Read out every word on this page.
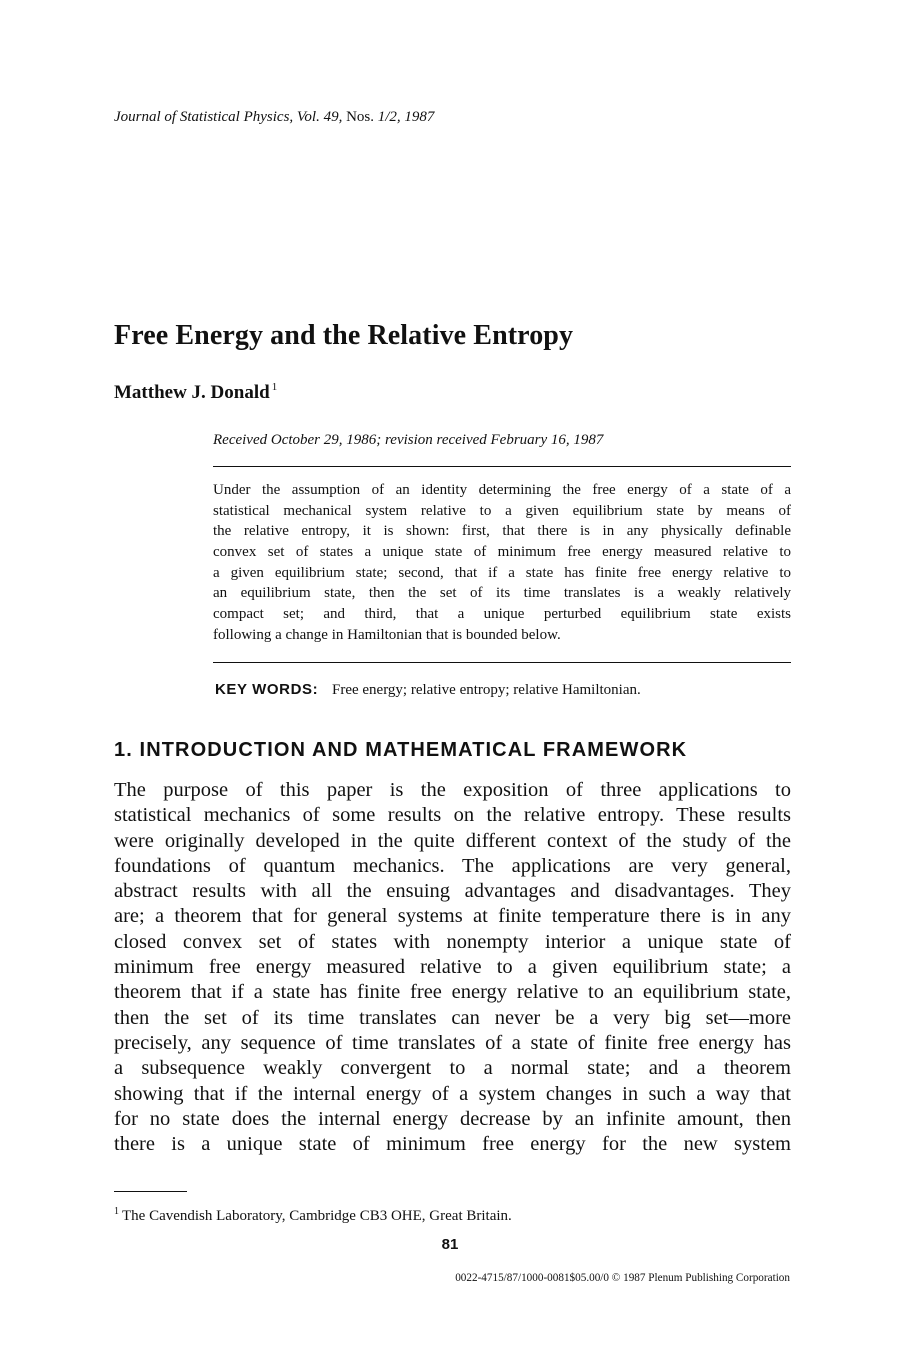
Journal of Statistical Physics, Vol. 49, Nos. 1/2, 1987
Free Energy and the Relative Entropy
Matthew J. Donald $^1$
Received October 29, 1986; revision received February 16, 1987
Under the assumption of an identity determining the free energy of a state of a
statistical mechanical system relative to a given equilibrium state by means of
the relative entropy, it is shown: first, that there is in any physically definable
convex set of states a unique state of minimum free energy measured relative to
a given equilibrium state; second, that if a state has finite free energy relative to
an equilibrium state, then the set of its time translates is a weakly relatively
compact set; and third, that a unique perturbed equilibrium state exists
following a change in Hamiltonian that is bounded below.
KEY WORDS: Free energy; relative entropy; relative Hamiltonian.
1. INTRODUCTION AND MATHEMATICAL FRAMEWORK
The purpose of this paper is the exposition of three applications to
statistical mechanics of some results on the relative entropy. These results
were originally developed in the quite different context of the study of the
foundations of quantum mechanics. The applications are very general,
abstract results with all the ensuing advantages and disadvantages. They
are; a theorem that for general systems at finite temperature there is in any
closed convex set of states with nonempty interior a unique state of
minimum free energy measured relative to a given equilibrium state; a
theorem that if a state has finite free energy relative to an equilibrium state,
then the set of its time translates can never be a very big set—more
precisely, any sequence of time translates of a state of finite free energy has
a subsequence weakly convergent to a normal state; and a theorem
showing that if the internal energy of a system changes in such a way that
for no state does the internal energy decrease by an infinite amount, then
there is a unique state of minimum free energy for the new system
$^1$ The Cavendish Laboratory, Cambridge CB3 OHE, Great Britain.
81
0022-4715/87/1000-0081$05.00/0 © 1987 Plenum Publishing Corporation
